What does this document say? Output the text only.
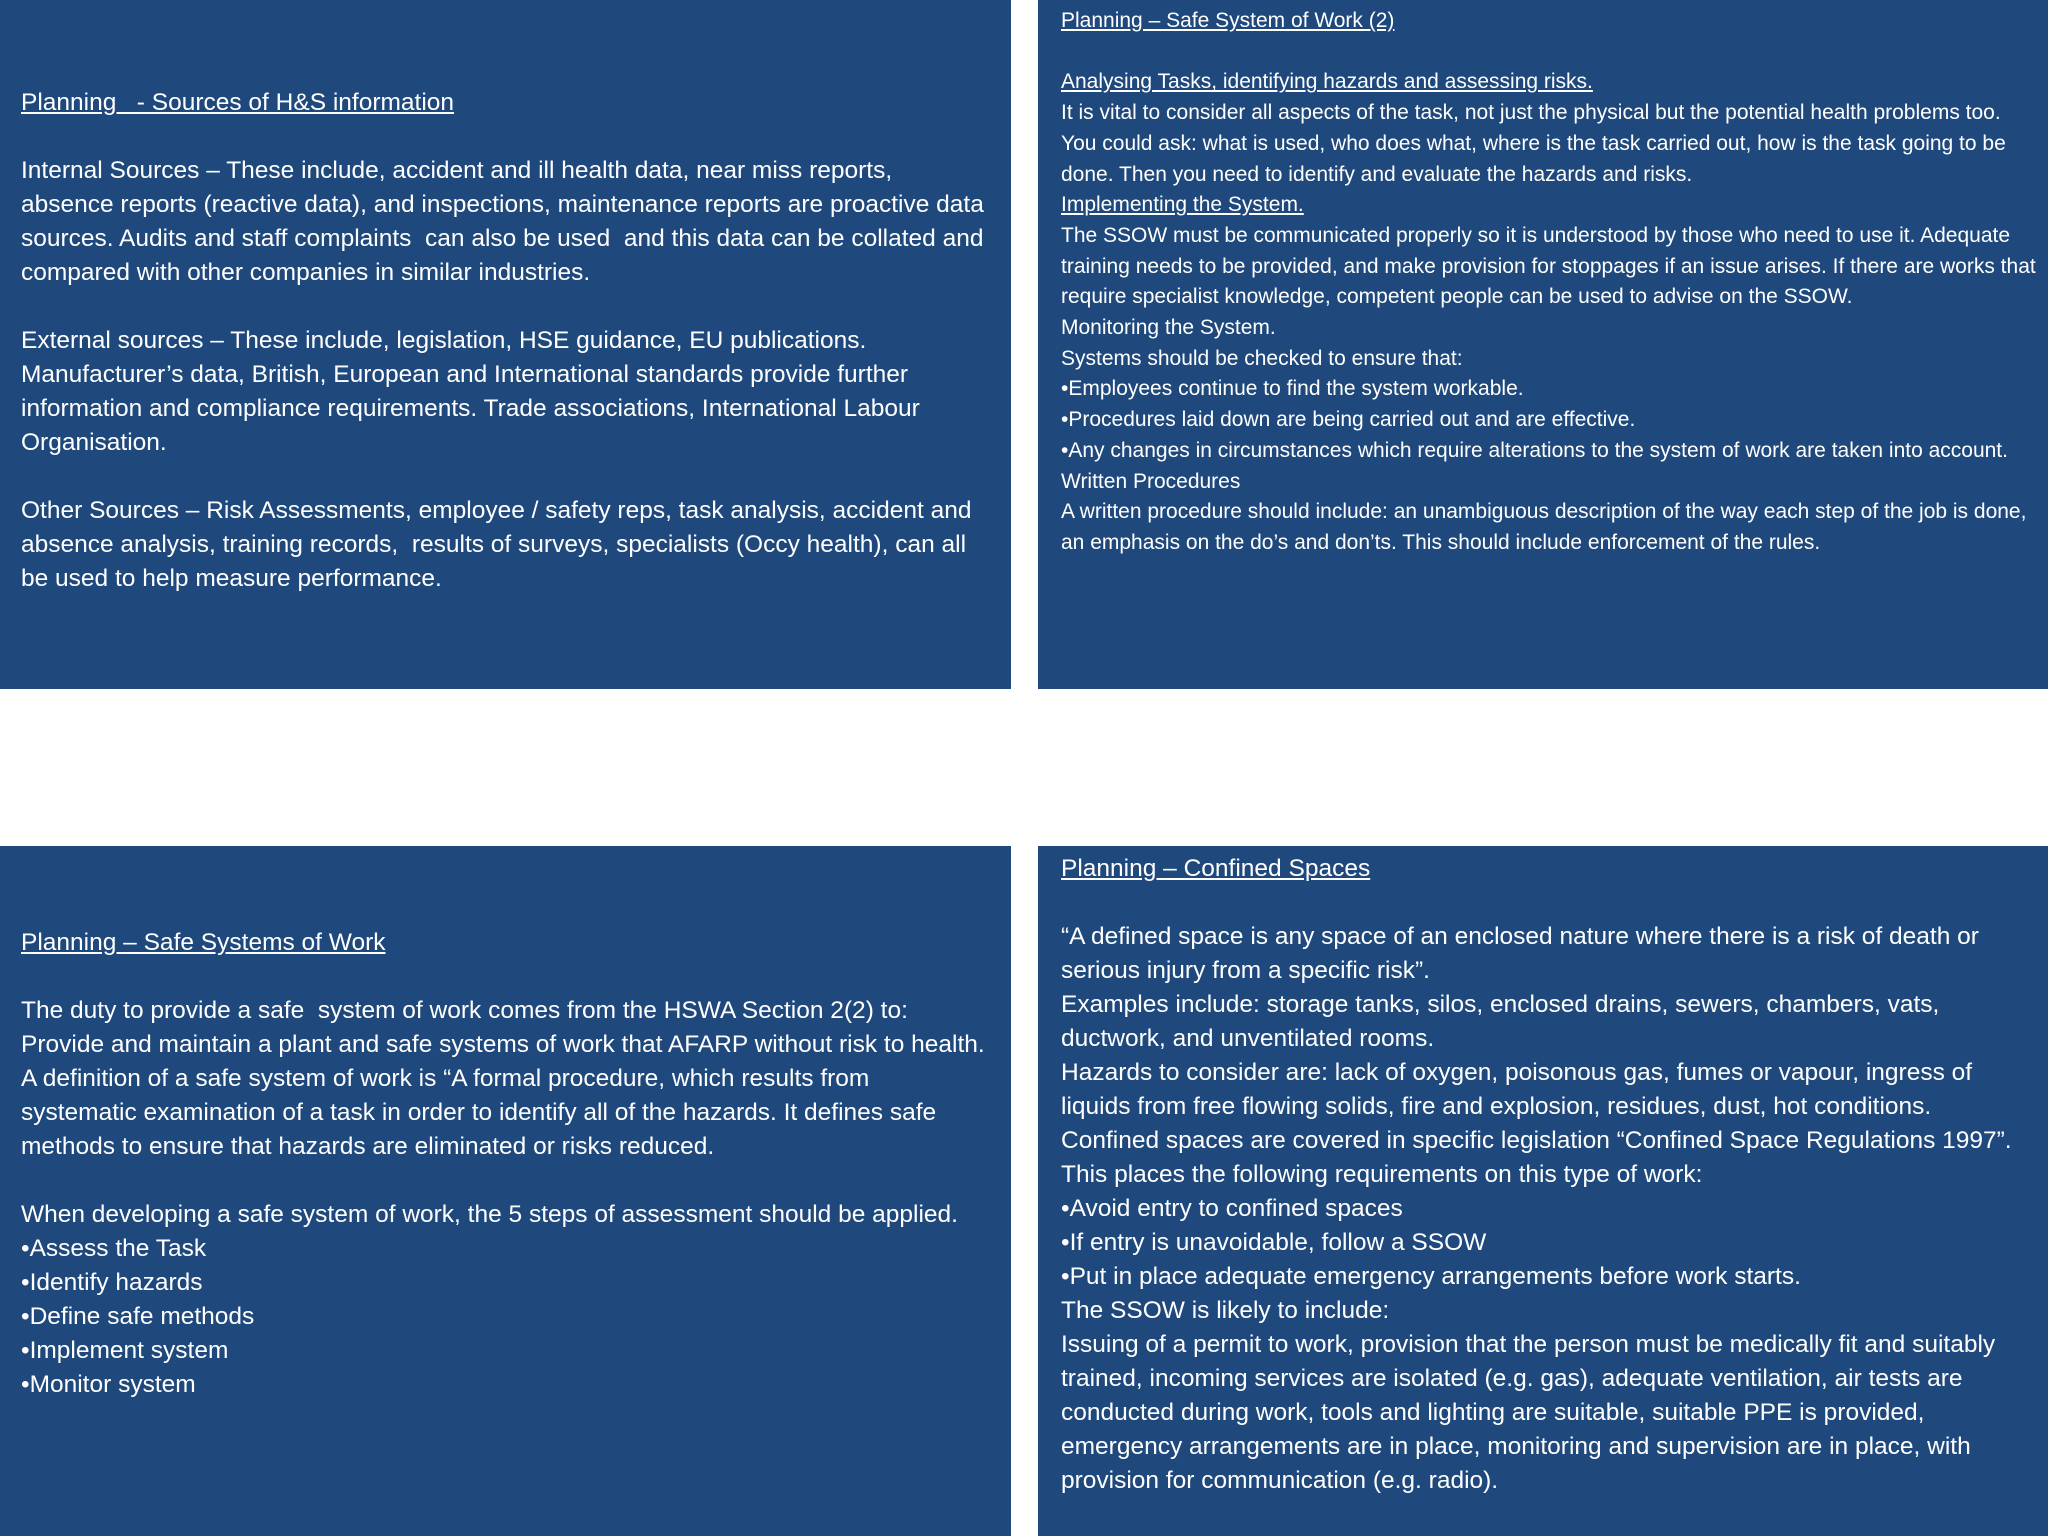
Planning   - Sources of H&S information
Internal Sources – These include, accident and ill health data, near miss reports, absence reports (reactive data), and inspections, maintenance reports are proactive data  sources. Audits and staff complaints  can also be used  and this data can be collated and compared with other companies in similar industries.
External sources – These include, legislation, HSE guidance, EU publications. Manufacturer’s data, British, European and International standards provide further information and compliance requirements. Trade associations, International Labour Organisation.
Other Sources – Risk Assessments, employee / safety reps, task analysis, accident and absence analysis, training records,  results of surveys, specialists (Occy health), can all be used to help measure performance.
Planning – Safe System of Work (2)
Analysing Tasks, identifying hazards and assessing risks.
It is vital to consider all aspects of the task, not just the physical but the potential health problems too. You could ask: what is used, who does what, where is the task carried out, how is the task going to be done. Then you need to identify and evaluate the hazards and risks.
Implementing the System.
The SSOW must be communicated properly so it is understood by those who need to use it. Adequate training needs to be provided, and make provision for stoppages if an issue arises. If there are works that require specialist knowledge, competent people can be used to advise on the SSOW.
Monitoring the System.
Systems should be checked to ensure that:
•Employees continue to find the system workable.
•Procedures laid down are being carried out and are effective.
•Any changes in circumstances which require alterations to the system of work are taken into account.
Written Procedures
A written procedure should include: an unambiguous description of the way each step of the job is done, an emphasis on the do’s and don’ts. This should include enforcement of the rules.
Planning – Safe Systems of Work
The duty to provide a safe  system of work comes from the HSWA Section 2(2) to: Provide and maintain a plant and safe systems of work that AFARP without risk to health.
A definition of a safe system of work is “A formal procedure, which results from systematic examination of a task in order to identify all of the hazards. It defines safe methods to ensure that hazards are eliminated or risks reduced.
When developing a safe system of work, the 5 steps of assessment should be applied.
•Assess the Task
•Identify hazards
•Define safe methods
•Implement system
•Monitor system
Planning – Confined Spaces
“A defined space is any space of an enclosed nature where there is a risk of death or serious injury from a specific risk”.
Examples include: storage tanks, silos, enclosed drains, sewers, chambers, vats, ductwork, and unventilated rooms.
Hazards to consider are: lack of oxygen, poisonous gas, fumes or vapour, ingress of liquids from free flowing solids, fire and explosion, residues, dust, hot conditions.
Confined spaces are covered in specific legislation “Confined Space Regulations 1997”.
This places the following requirements on this type of work:
•Avoid entry to confined spaces
•If entry is unavoidable, follow a SSOW
•Put in place adequate emergency arrangements before work starts.
The SSOW is likely to include:
Issuing of a permit to work, provision that the person must be medically fit and suitably trained, incoming services are isolated (e.g. gas), adequate ventilation, air tests are conducted during work, tools and lighting are suitable, suitable PPE is provided, emergency arrangements are in place, monitoring and supervision are in place, with provision for communication (e.g. radio).
